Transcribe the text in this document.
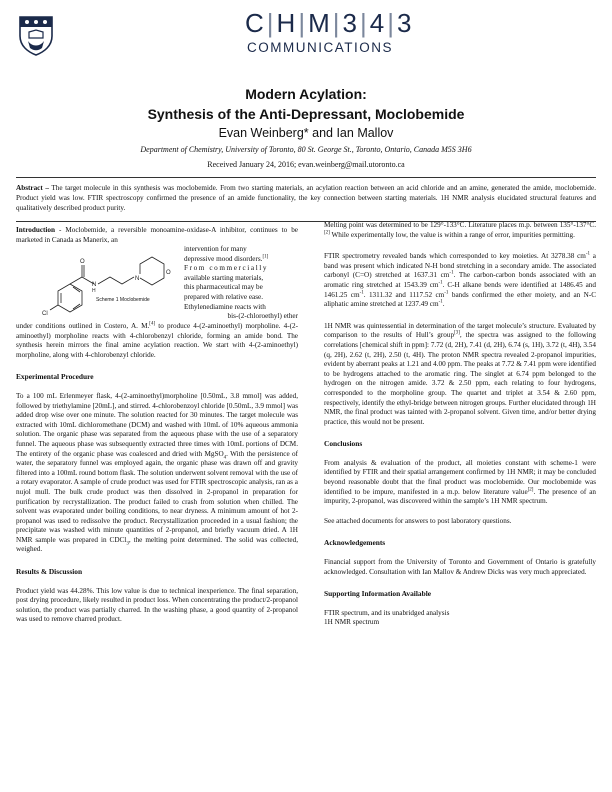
C|H|M|3|4|3
COMMUNICATIONS
Modern Acylation:
Synthesis of the Anti-Depressant, Moclobemide
Evan Weinberg* and Ian Mallov
Department of Chemistry, University of Toronto, 80 St. George St., Toronto, Ontario, Canada M5S 3H6
Received January 24, 2016; evan.weinberg@mail.utoronto.ca
Abstract – The target molecule in this synthesis was moclobemide. From two starting materials, an acylation reaction between an acid chloride and an amine, generated the amide, moclobemide. Product yield was low. FTIR spectroscopy confirmed the presence of an amide functionality, the key connection between starting materials. 1H NMR analysis elucidated structural features and qualitatively described product purity.
Introduction - Moclobemide, a reversible monoamine-oxidase-A inhibitor, continues to be marketed in Canada as Manerix, an
intervention for many
depressive mood disorders.[1]
From commercially
available starting materials,
this pharmaceutical may be
prepared with relative ease.
Ethylenediamine reacts with
bis-(2-chloroethyl) ether
N
H
O
N
O
Cl
Scheme 1 Moclobemide

under conditions outlined in Costero, A. M.[4] to produce 4-(2-aminoethyl) morpholine. 4-(2-aminoethyl) morpholine reacts with 4-chlorobenzyl chloride, forming an amide bond. The synthesis herein mirrors the final amine acylation reaction. We start with 4-(2-aminoethyl) morpholine, along with 4-chlorobenzyl chloride.

Experimental Procedure

To a 100 mL Erlenmeyer flask, 4-(2-aminoethyl)morpholine [0.50mL, 3.8 mmol] was added, followed by triethylamine [20mL], and stirred. 4-chlorobenzoyl chloride [0.50mL, 3.9 mmol] was added drop wise over one minute. The solution reacted for 30 minutes. The target molecule was extracted with 10mL dichloromethane (DCM) and washed with 10mL of 10% aqueous ammonia solution. The organic phase was separated from the aqueous phase with the use of a separatory funnel. The aqueous phase was subsequently extracted three times with 10mL portions of DCM. The entirety of the organic phase was coalesced and dried with MgSO$_4$. With the persistence of water, the separatory funnel was employed again, the organic phase was drawn off and gravity filtered into a 100mL round bottom flask. The solution underwent solvent removal with the use of a rotary evaporator. A sample of crude product was used for FTIR spectroscopic analysis, ran as a nujol mull. The bulk crude product was then dissolved in 2-propanol in preparation for purification by recrystallization. The product failed to crash from solution when chilled. The solvent was evaporated under boiling conditions, to near dryness. A minimum amount of hot 2-propanol was used to redissolve the product. Recrystallization proceeded in a usual fashion; the precipitate was washed with minute quantities of 2-propanol, and briefly vacuum dried. A 1H NMR sample was prepared in CDCl$_3$, the melting point determined. The solid was collected, weighed.

Results & Discussion

Product yield was 44.28%. This low value is due to technical inexperience. The final separation, post drying procedure, likely resulted in product loss. When concentrating the product/2-propanol solution, the product was partially charred. In the washing phase, a good quantity of 2-propanol was used to remove charred product.

Melting point was determined to be 129°-133°C. Literature places m.p. between 135°-137°C.[2] While experimentally low, the value is within a range of error, impurities permitting.

FTIR spectrometry revealed bands which corresponded to key moieties. At 3278.38 $cm^{-1}$ a band was present which indicated N-H bond stretching in a secondary amide. The associated carbonyl (C=O) stretched at 1637.31 $cm^{-1}$. The carbon-carbon bonds associated with an aromatic ring stretched at 1543.39 $cm^{-1}$. C-H alkane bends were identified at 1486.45 and 1461.25 $cm^{-1}$. 1311.32 and 1117.52 $cm^{-1}$ bands confirmed the ether moiety, and an N-C aliphatic amine stretched at 1237.49 $cm^{-1}$.

1H NMR was quintessential in determination of the target molecule’s structure. Evaluated by comparison to the results of Hull’s group[3], the spectra was assigned to the following correlations [chemical shift in ppm]: 7.72 (d, 2H), 7.41 (d, 2H), 6.74 (s, 1H), 3.72 (t, 4H), 3.54 (q, 2H), 2.62 (t, 2H), 2.50 (t, 4H). The proton NMR spectra revealed 2-propanol impurities, evident by aberrant peaks at 1.21 and 4.00 ppm. The peaks at 7.72 & 7.41 ppm were identified to be hydrogens attached to the aromatic ring. The singlet at 6.74 ppm belonged to the hydrogen on the nitrogen amide. 3.72 & 2.50 ppm, each relating to four hydrogens, corresponded to the morpholine group. The quartet and triplet at 3.54 & 2.60 ppm, respectively, identify the ethyl-bridge between nitrogen groups. Further elucidated through 1H NMR, the final product was tainted with 2-propanol solvent. Given time, and/or better drying practice, this would not be present.

Conclusions

From analysis & evaluation of the product, all moieties constant with scheme-1 were identified by FTIR and their spatial arrangement confirmed by 1H NMR; it may be concluded beyond reasonable doubt that the final product was moclobemide. Our moclobemide was identified to be impure, manifested in a m.p. below literature value[2]. The presence of an impurity, 2-propanol, was discovered within the sample’s 1H NMR spectrum.

See attached documents for answers to post laboratory questions.

Acknowledgements

Financial support from the University of Toronto and Government of Ontario is gratefully acknowledged. Consultation with Ian Mallov & Andrew Dicks was very much appreciated.

Supporting Information Available

FTIR spectrum, and its unabridged analysis

1H NMR spectrum
